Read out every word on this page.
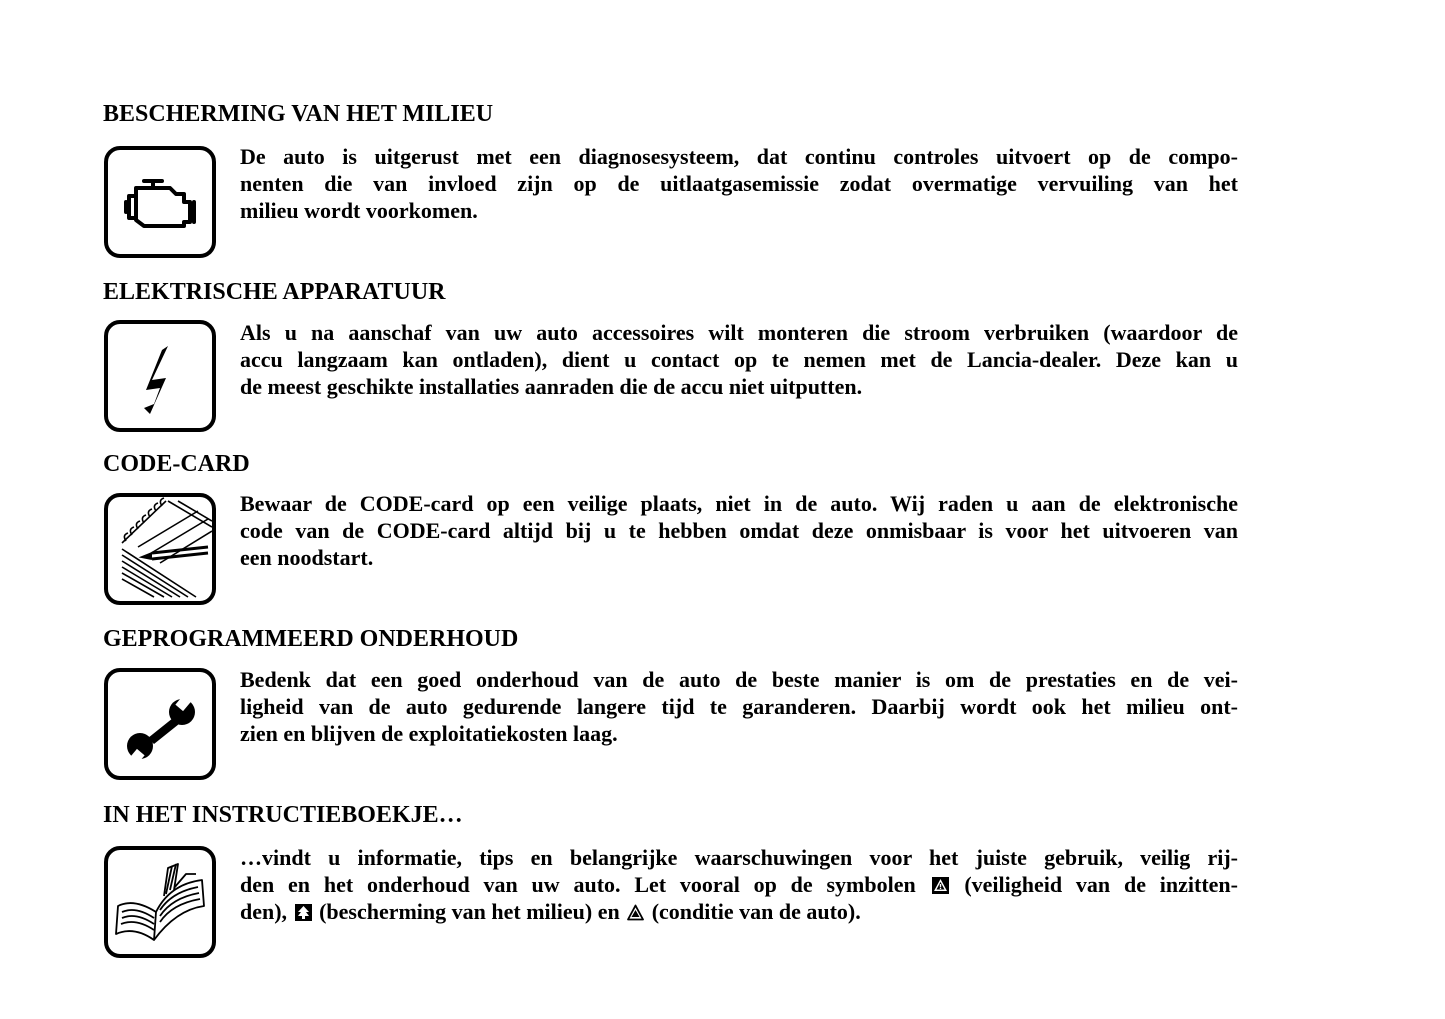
BESCHERMING VAN HET MILIEU

De auto is uitgerust met een diagnosesysteem, dat continu controles uitvoert op de compo-
nenten die van invloed zijn op de uitlaatgasemissie zodat overmatige vervuiling van het
milieu wordt voorkomen.

ELEKTRISCHE APPARATUUR

Als u na aanschaf van uw auto accessoires wilt monteren die stroom verbruiken (waardoor de
accu langzaam kan ontladen), dient u contact op te nemen met de Lancia-dealer. Deze kan u
de meest geschikte installaties aanraden die de accu niet uitputten.

CODE-CARD

Bewaar de CODE-card op een veilige plaats, niet in de auto. Wij raden u aan de elektronische
code van de CODE-card altijd bij u te hebben omdat deze onmisbaar is voor het uitvoeren van
een noodstart.

GEPROGRAMMEERD ONDERHOUD

Bedenk dat een goed onderhoud van de auto de beste manier is om de prestaties en de vei-
ligheid van de auto gedurende langere tijd te garanderen. Daarbij wordt ook het milieu ont-
zien en blijven de exploitatiekosten laag.

IN HET INSTRUCTIEBOEKJE…

…vindt u informatie, tips en belangrijke waarschuwingen voor het juiste gebruik, veilig rij-
den en het onderhoud van uw auto. Let vooral op de symbolen (veiligheid van de inzitten-
den), (bescherming van het milieu) en (conditie van de auto).
